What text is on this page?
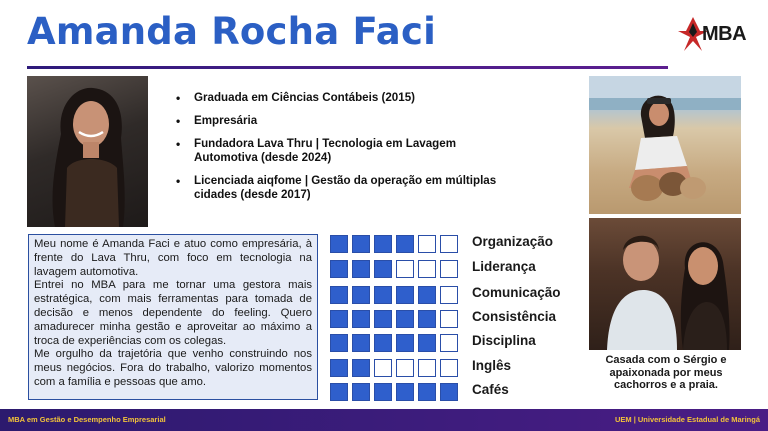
Amanda Rocha Faci	MBA
• Graduada em Ciências Contábeis (2015)
• Empresária
• Fundadora Lava Thru | Tecnologia em Lavagem Automotiva (desde 2024)
• Licenciada aiqfome | Gestão da operação em múltiplas cidades (desde 2017)

Meu nome é Amanda Faci e atuo como empresária, à frente do Lava Thru, com foco em tecnologia na lavagem automotiva.

Entrei no MBA para me tornar uma gestora mais estratégica, com mais ferramentas para tomada de decisão e menos dependente do feeling. Quero amadurecer minha gestão e aproveitar ao máximo a troca de experiências com os colegas.

Me orgulho da trajetória que venho construindo nos meus negócios. Fora do trabalho, valorizo momentos com a família e pessoas que amo.

Organização
Liderança
Comunicação
Consistência
Disciplina
Inglês
Cafés
Casada com o Sérgio e apaixonada por meus cachorros e a praia.
MBA em Gestão e Desempenho Empresarial	UEM | Universidade Estadual de Maringá
